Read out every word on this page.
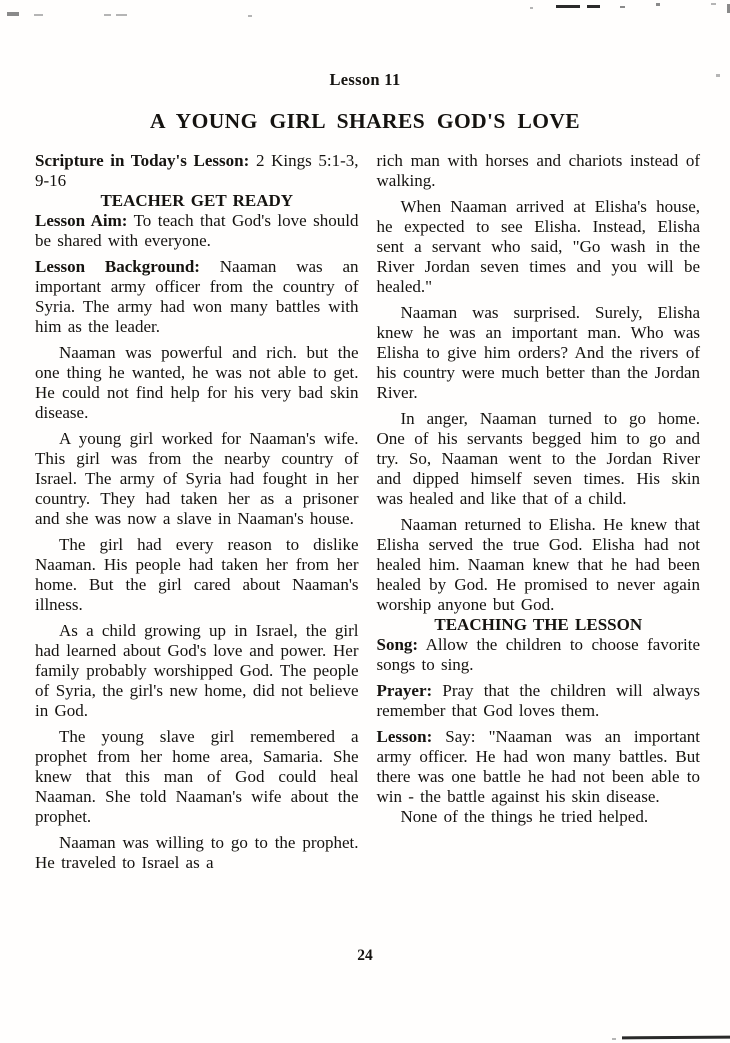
Lesson 11
A YOUNG GIRL SHARES GOD'S LOVE

Scripture in Today's Lesson: 2 Kings 5:1-3, 9-16

TEACHER GET READY

Lesson Aim: To teach that God's love should be shared with everyone.

Lesson Background: Naaman was an important army officer from the country of Syria. The army had won many battles with him as the leader.

Naaman was powerful and rich. but the one thing he wanted, he was not able to get. He could not find help for his very bad skin disease.

A young girl worked for Naaman's wife. This girl was from the nearby country of Israel. The army of Syria had fought in her country. They had taken her as a prisoner and she was now a slave in Naaman's house.

The girl had every reason to dislike Naaman. His people had taken her from her home. But the girl cared about Naaman's illness.

As a child growing up in Israel, the girl had learned about God's love and power. Her family probably worshipped God. The people of Syria, the girl's new home, did not believe in God.

The young slave girl remembered a prophet from her home area, Samaria. She knew that this man of God could heal Naaman. She told Naaman's wife about the prophet.

Naaman was willing to go to the prophet. He traveled to Israel as a

rich man with horses and chariots instead of walking.

When Naaman arrived at Elisha's house, he expected to see Elisha. Instead, Elisha sent a servant who said, "Go wash in the River Jordan seven times and you will be healed."

Naaman was surprised. Surely, Elisha knew he was an important man. Who was Elisha to give him orders? And the rivers of his country were much better than the Jordan River.

In anger, Naaman turned to go home. One of his servants begged him to go and try. So, Naaman went to the Jordan River and dipped himself seven times. His skin was healed and like that of a child.

Naaman returned to Elisha. He knew that Elisha served the true God. Elisha had not healed him. Naaman knew that he had been healed by God. He promised to never again worship anyone but God.

TEACHING THE LESSON

Song: Allow the children to choose favorite songs to sing.

Prayer: Pray that the children will always remember that God loves them.

Lesson: Say: "Naaman was an important army officer. He had won many battles. But there was one battle he had not been able to win - the battle against his skin disease.

None of the things he tried helped.

24
